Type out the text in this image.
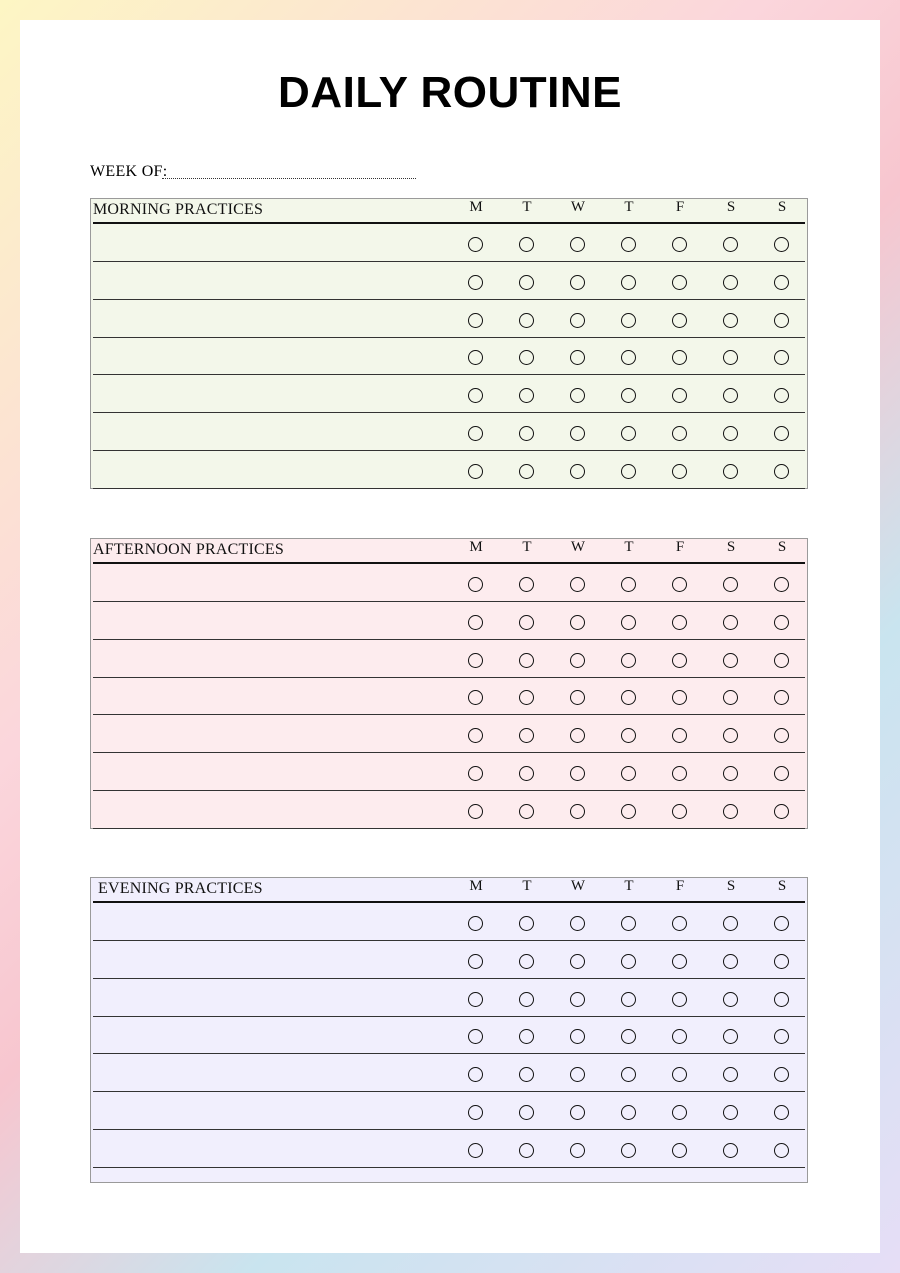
DAILY ROUTINE
WEEK OF:
MORNING PRACTICES	M	T	W	T	F	S	S
AFTERNOON PRACTICES	M	T	W	T	F	S	S
EVENING PRACTICES	M	T	W	T	F	S	S
